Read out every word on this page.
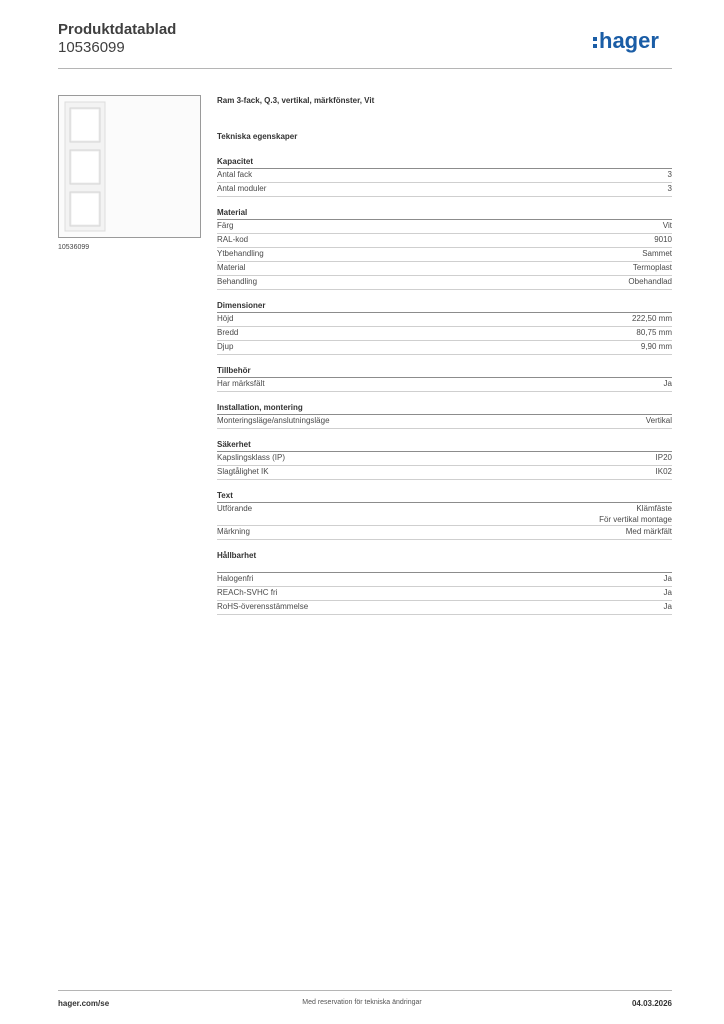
Produktdatablad
10536099	hager
10536099
Ram 3-fack, Q.3, vertikal, märkfönster, Vit
Tekniska egenskaper
Kapacitet
Antal fack	3
Antal moduler	3
Material
Färg	Vit
RAL-kod	9010
Ytbehandling	Sammet
Material	Termoplast
Behandling	Obehandlad
Dimensioner
Höjd	222,50 mm
Bredd	80,75 mm
Djup	9,90 mm
Tillbehör
Har märksfält	Ja
Installation, montering
Monteringsläge/anslutningsläge	Vertikal
Säkerhet
Kapslingsklass (IP)	IP20
Slagtålighet IK	IK02
Text
Utförande	Klämfäste
För vertikal montage
Märkning	Med märkfält
Hållbarhet
Halogenfri	Ja
REACh-SVHC fri	Ja
RoHS-överensstämmelse	Ja
hager.com/se	Med reservation för tekniska ändringar	04.03.2026
